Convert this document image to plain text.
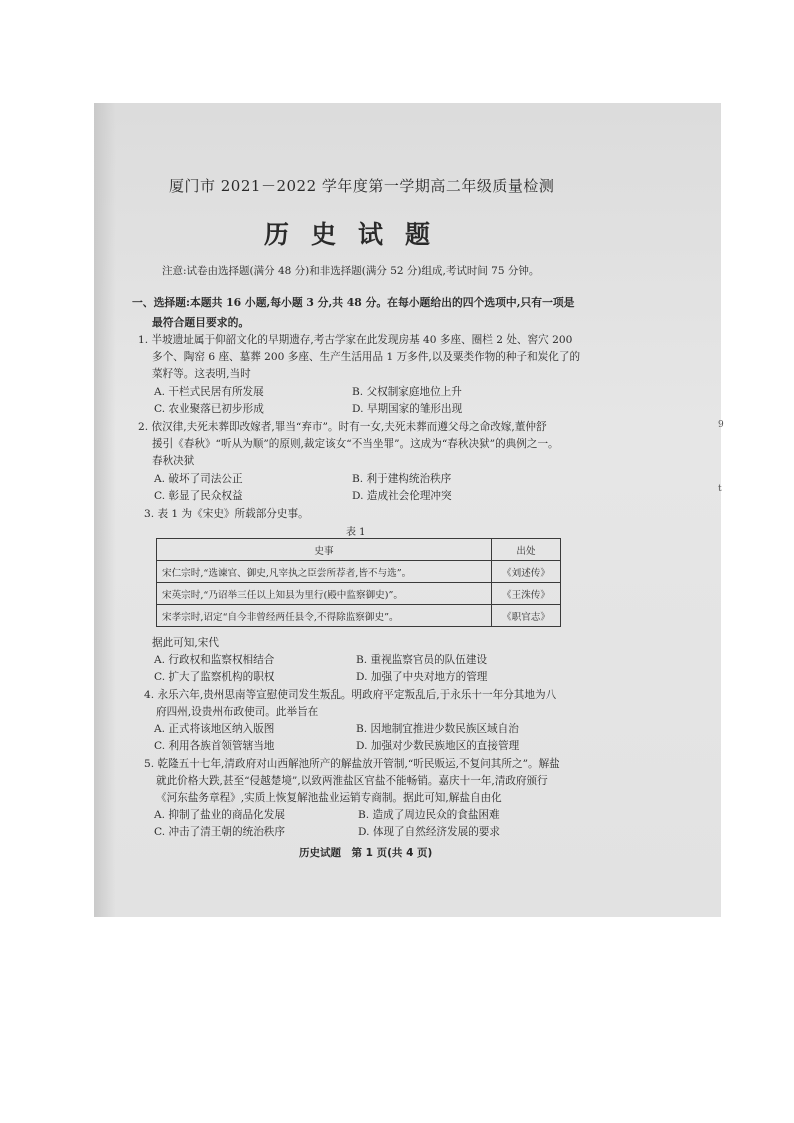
厦门市 2021－2022 学年度第一学期高二年级质量检测
历史试题
注意:试卷由选择题(满分 48 分)和非选择题(满分 52 分)组成,考试时间 75 分钟。
一、选择题:本题共 16 小题,每小题 3 分,共 48 分。在每小题给出的四个选项中,只有一项是
最符合题目要求的。
1. 半坡遗址属于仰韶文化的早期遗存,考古学家在此发现房基 40 多座、圈栏 2 处、窖穴 200
多个、陶窑 6 座、墓葬 200 多座、生产生活用品 1 万多件,以及粟类作物的种子和炭化了的
菜籽等。这表明,当时
A. 干栏式民居有所发展	B. 父权制家庭地位上升
C. 农业聚落已初步形成	D. 早期国家的雏形出现
2. 依汉律,夫死未葬即改嫁者,罪当“弃市”。时有一女,夫死未葬而遵父母之命改嫁,董仲舒
援引《春秋》“听从为顺”的原则,裁定该女“不当坐罪”。这成为“春秋决狱”的典例之一。
春秋决狱
A. 破坏了司法公正	B. 利于建构统治秩序
C. 彰显了民众权益	D. 造成社会伦理冲突
3. 表 1 为《宋史》所载部分史事。
表 1
史事	出处
宋仁宗时,“选谏官、御史,凡宰执之臣尝所荐者,皆不与选”。	《刘述传》
宋英宗时,“乃诏举三任以上知县为里行(殿中监察御史)”。	《王洙传》
宋孝宗时,诏定“自今非曾经两任县令,不得除监察御史”。	《职官志》
据此可知,宋代
A. 行政权和监察权相结合	B. 重视监察官员的队伍建设
C. 扩大了监察机构的职权	D. 加强了中央对地方的管理
4. 永乐六年,贵州思南等宣慰使司发生叛乱。明政府平定叛乱后,于永乐十一年分其地为八
府四州,设贵州布政使司。此举旨在
A. 正式将该地区纳入版图	B. 因地制宜推进少数民族区域自治
C. 利用各族首领管辖当地	D. 加强对少数民族地区的直接管理
5. 乾隆五十七年,清政府对山西解池所产的解盐放开管制,“听民贩运,不复问其所之”。解盐
就此价格大跌,甚至“侵越楚境”,以致两淮盐区官盐不能畅销。嘉庆十一年,清政府颁行
《河东盐务章程》,实质上恢复解池盐业运销专商制。据此可知,解盐自由化
A. 抑制了盐业的商品化发展	B. 造成了周边民众的食盐困难
C. 冲击了清王朝的统治秩序	D. 体现了自然经济发展的要求
历史试题　第 1 页(共 4 页)
9
t
